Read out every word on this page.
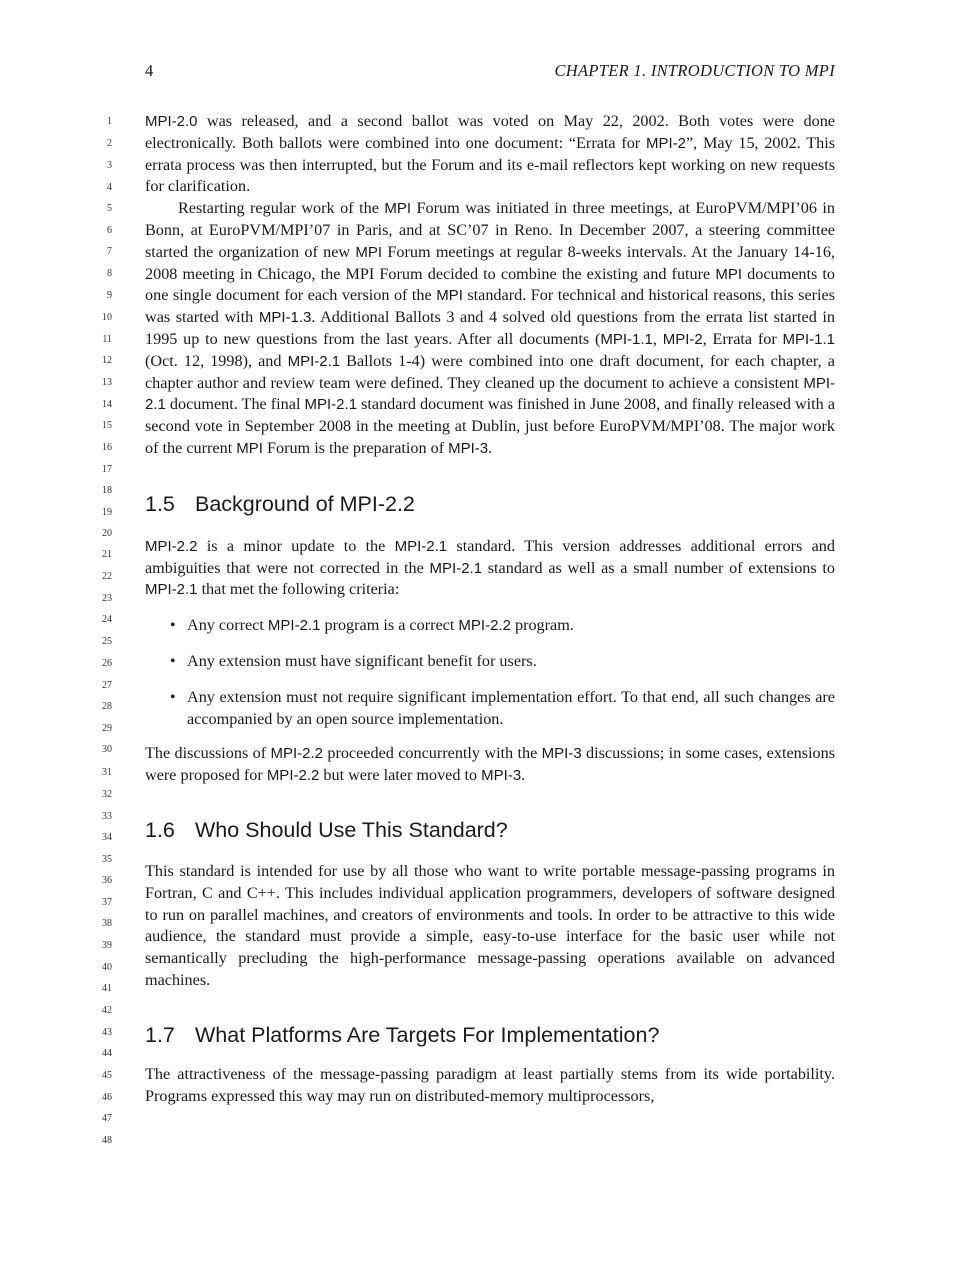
4	CHAPTER 1. INTRODUCTION TO MPI
1
2
3
4
5
6
7
8
9
10
11
12
13
14
15
16
17
18
19
20
21
22
23
24
25
26
27
28
29
30
31
32
33
34
35
36
37
38
39
40
41
42
43
44
45
46
47
48

MPI-2.0 was released, and a second ballot was voted on May 22, 2002. Both votes were done electronically. Both ballots were combined into one document: “Errata for MPI-2”, May 15, 2002. This errata process was then interrupted, but the Forum and its e-mail reflectors kept working on new requests for clarification.

Restarting regular work of the MPI Forum was initiated in three meetings, at EuroPVM/MPI’06 in Bonn, at EuroPVM/MPI’07 in Paris, and at SC’07 in Reno. In December 2007, a steering committee started the organization of new MPI Forum meetings at regular 8-weeks intervals. At the January 14-16, 2008 meeting in Chicago, the MPI Forum decided to combine the existing and future MPI documents to one single document for each version of the MPI standard. For technical and historical reasons, this series was started with MPI-1.3. Additional Ballots 3 and 4 solved old questions from the errata list started in 1995 up to new questions from the last years. After all documents (MPI-1.1, MPI-2, Errata for MPI-1.1 (Oct. 12, 1998), and MPI-2.1 Ballots 1-4) were combined into one draft document, for each chapter, a chapter author and review team were defined. They cleaned up the document to achieve a consistent MPI-2.1 document. The final MPI-2.1 standard document was finished in June 2008, and finally released with a second vote in September 2008 in the meeting at Dublin, just before EuroPVM/MPI’08. The major work of the current MPI Forum is the preparation of MPI-3.

1.5 Background of MPI-2.2

MPI-2.2 is a minor update to the MPI-2.1 standard. This version addresses additional errors and ambiguities that were not corrected in the MPI-2.1 standard as well as a small number of extensions to MPI-2.1 that met the following criteria:

• Any correct MPI-2.1 program is a correct MPI-2.2 program.
• Any extension must have significant benefit for users.
• Any extension must not require significant implementation effort. To that end, all such changes are accompanied by an open source implementation.

The discussions of MPI-2.2 proceeded concurrently with the MPI-3 discussions; in some cases, extensions were proposed for MPI-2.2 but were later moved to MPI-3.

1.6 Who Should Use This Standard?

This standard is intended for use by all those who want to write portable message-passing programs in Fortran, C and C++. This includes individual application programmers, developers of software designed to run on parallel machines, and creators of environments and tools. In order to be attractive to this wide audience, the standard must provide a simple, easy-to-use interface for the basic user while not semantically precluding the high-performance message-passing operations available on advanced machines.

1.7 What Platforms Are Targets For Implementation?

The attractiveness of the message-passing paradigm at least partially stems from its wide portability. Programs expressed this way may run on distributed-memory multiprocessors,
